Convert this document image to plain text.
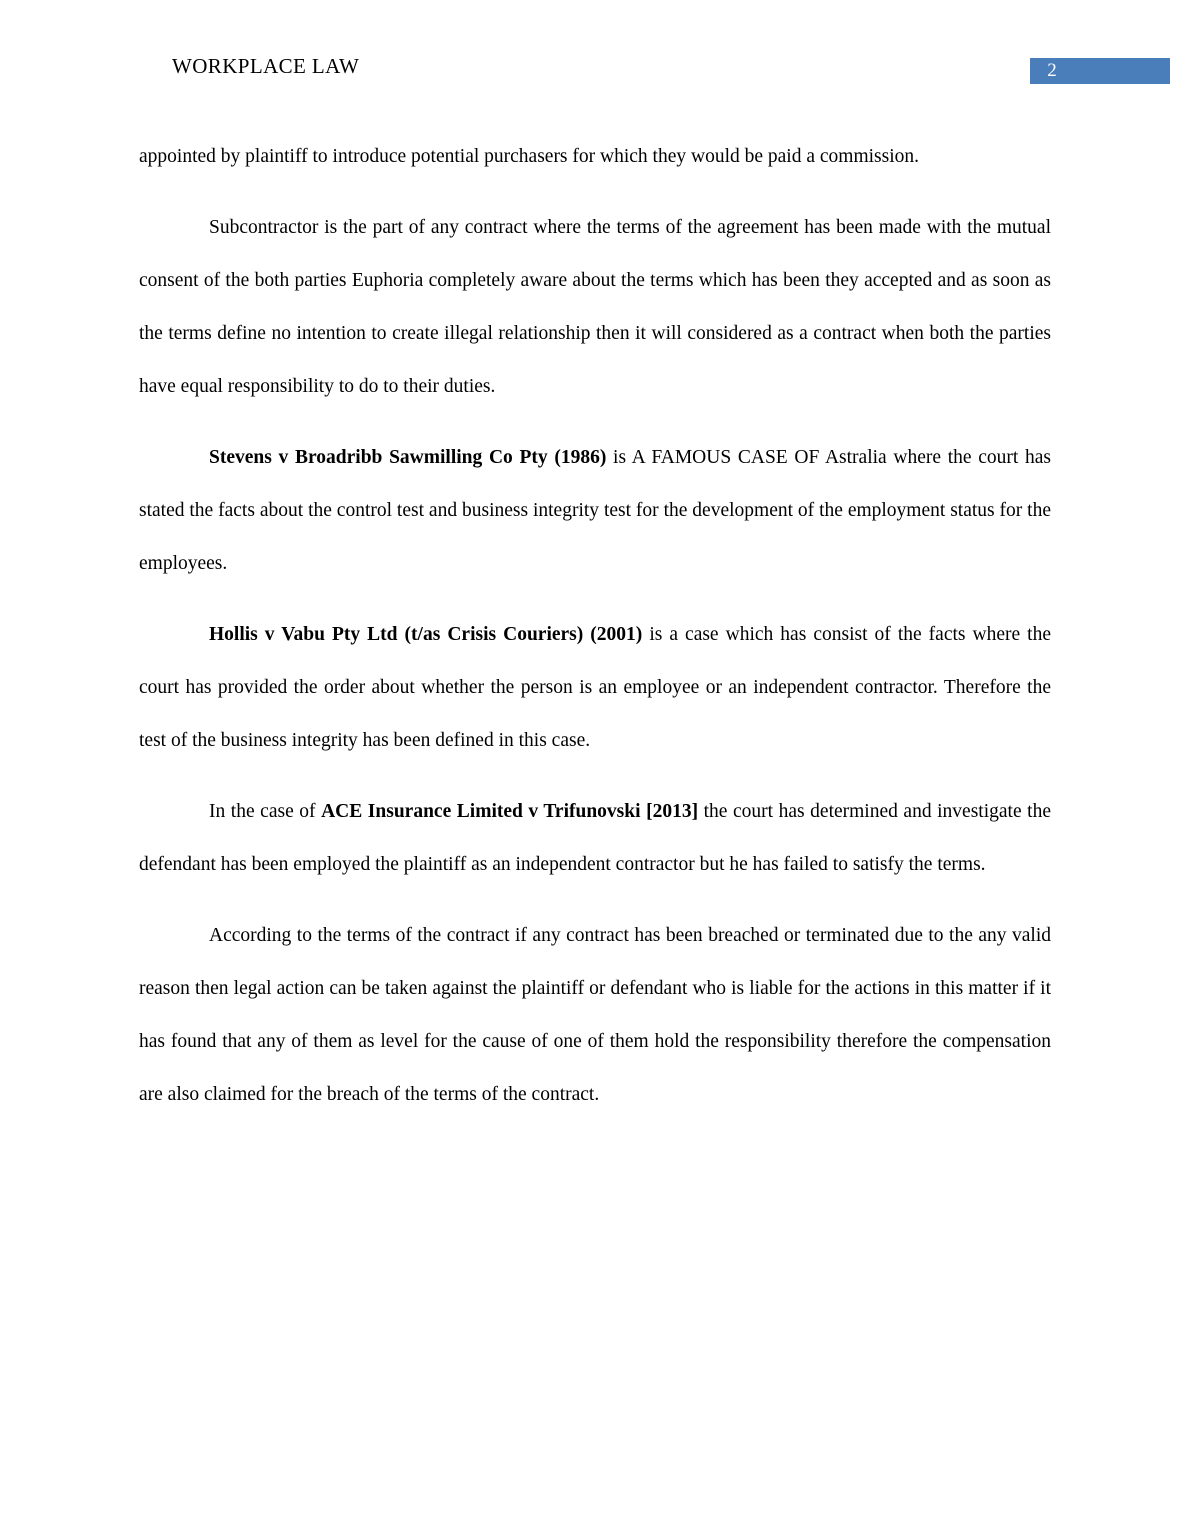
WORKPLACE LAW	2

appointed by plaintiff to introduce potential purchasers for which they would be paid a commission.

Subcontractor is the part of any contract where the terms of the agreement has been made with the mutual consent of the both parties Euphoria completely aware about the terms which has been they accepted and as soon as the terms define no intention to create illegal relationship then it will considered as a contract when both the parties have equal responsibility to do to their duties.

Stevens v Broadribb Sawmilling Co Pty (1986) is A FAMOUS CASE OF Astralia where the court has stated the facts about the control test and business integrity test for the development of the employment status for the employees.

Hollis v Vabu Pty Ltd (t/as Crisis Couriers) (2001) is a case which has consist of the facts where the court has provided the order about whether the person is an employee or an independent contractor. Therefore the test of the business integrity has been defined in this case.

In the case of ACE Insurance Limited v Trifunovski [2013] the court has determined and investigate the defendant has been employed the plaintiff as an independent contractor but he has failed to satisfy the terms.

According to the terms of the contract if any contract has been breached or terminated due to the any valid reason then legal action can be taken against the plaintiff or defendant who is liable for the actions in this matter if it has found that any of them as level for the cause of one of them hold the responsibility therefore the compensation are also claimed for the breach of the terms of the contract.
